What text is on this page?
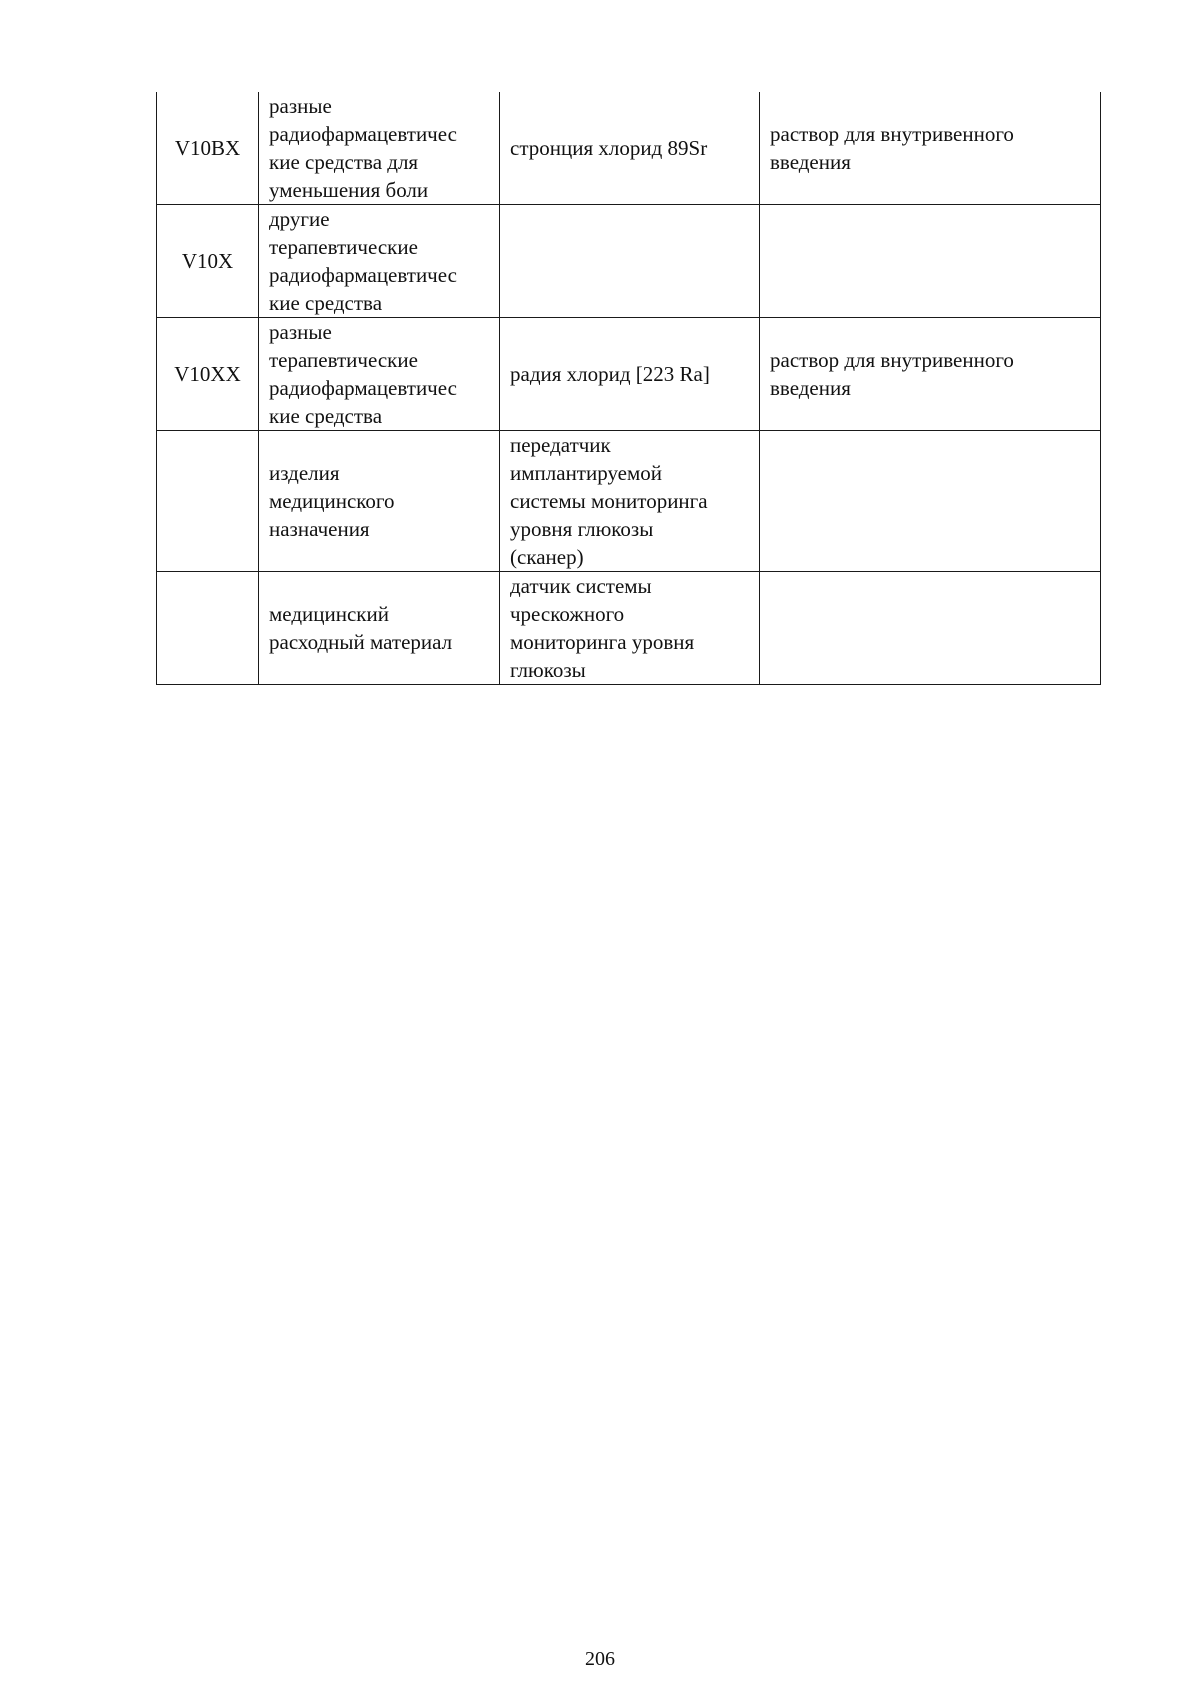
V10BX	разные
радиофармацевтичес
кие средства для
уменьшения боли	стронция хлорид 89Sr	раствор для внутривенного
введения
V10X	другие
терапевтические
радиофармацевтичес
кие средства		
V10XX	разные
терапевтические
радиофармацевтичес
кие средства	радия хлорид [223 Ra]	раствор для внутривенного
введения
	изделия
медицинского
назначения	передатчик
имплантируемой
системы мониторинга
уровня глюкозы
(сканер)	
	медицинский
расходный материал	датчик системы
чрескожного
мониторинга уровня
глюкозы	
206
